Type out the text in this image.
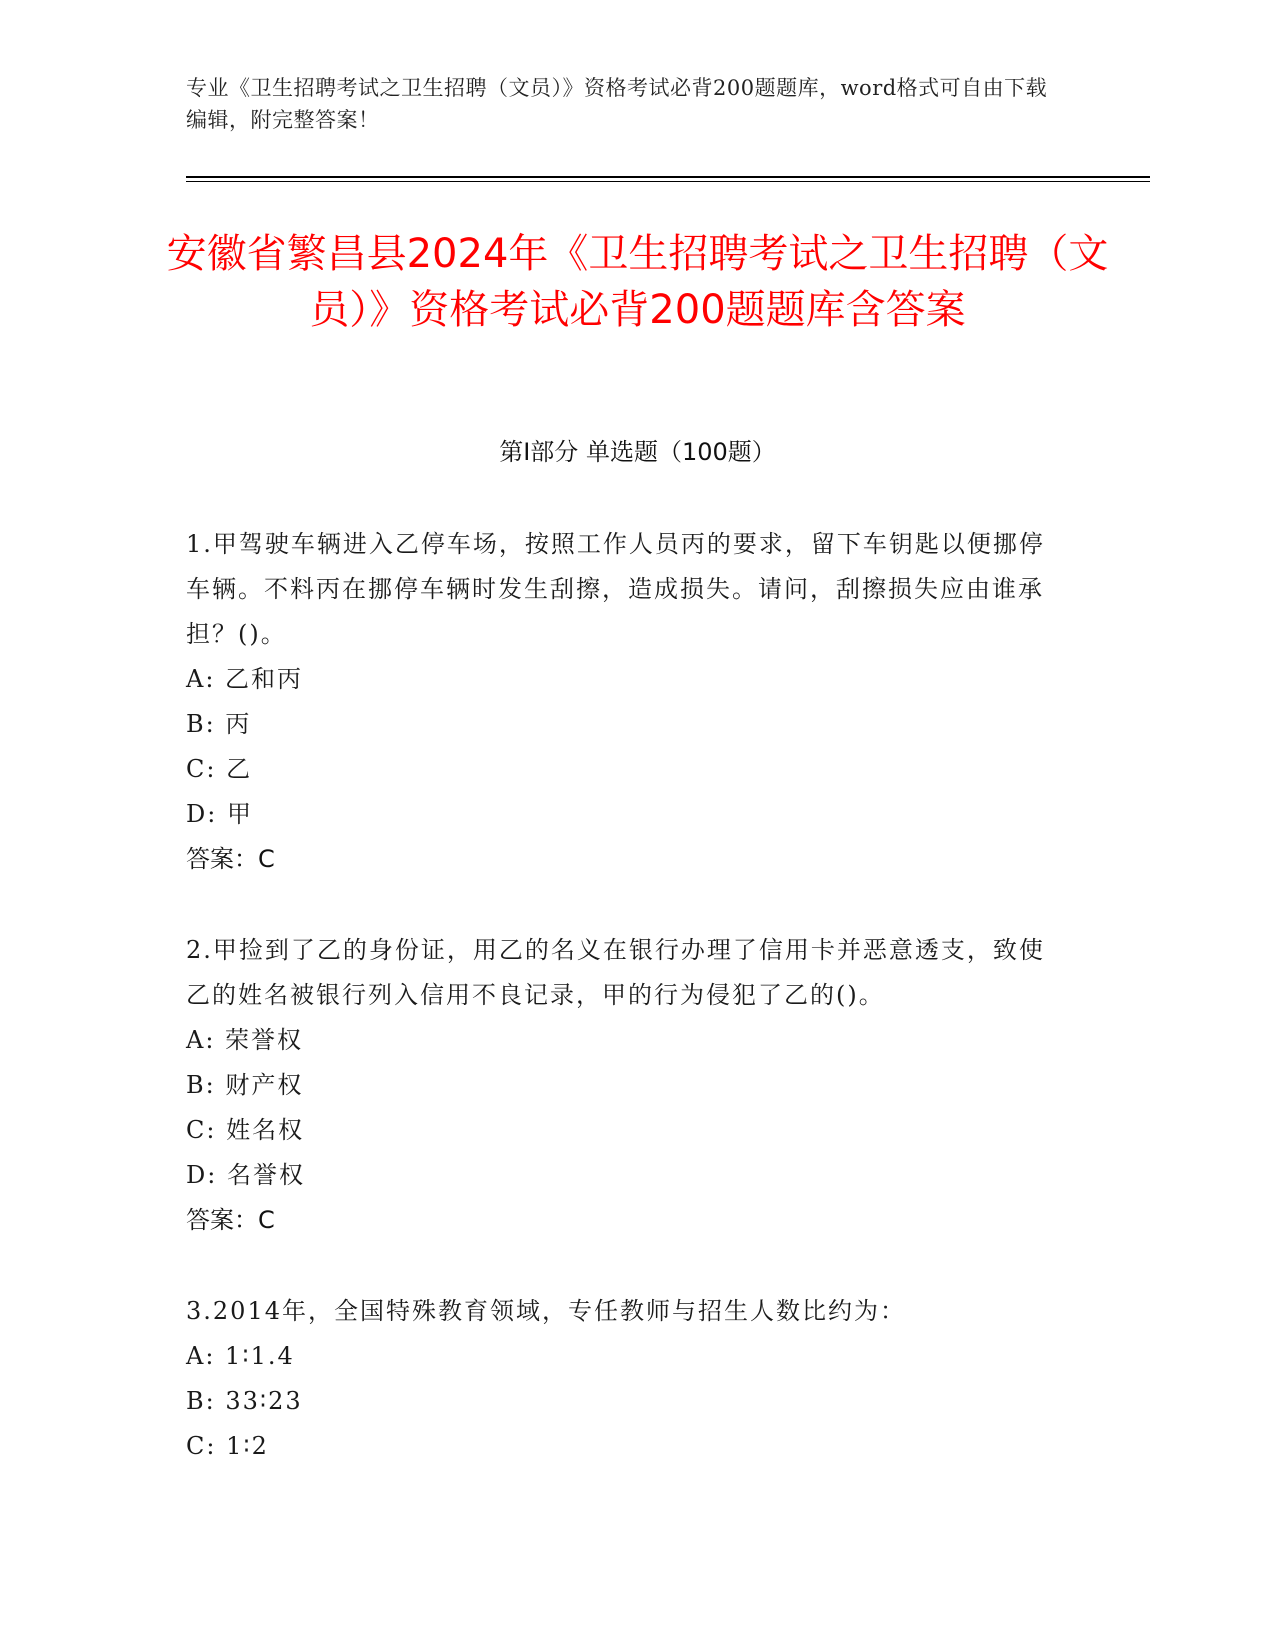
专业《卫生招聘考试之卫生招聘（文员）》资格考试必背200题题库，word格式可自由下载编辑，附完整答案！
安徽省繁昌县2024年《卫生招聘考试之卫生招聘（文员）》资格考试必背200题题库含答案
第I部分 单选题（100题）
1.甲驾驶车辆进入乙停车场，按照工作人员丙的要求，留下车钥匙以便挪停车辆。不料丙在挪停车辆时发生刮擦，造成损失。请问，刮擦损失应由谁承担？()。
A: 乙和丙
B: 丙
C: 乙
D: 甲
答案：C
2.甲捡到了乙的身份证，用乙的名义在银行办理了信用卡并恶意透支，致使乙的姓名被银行列入信用不良记录，甲的行为侵犯了乙的()。
A: 荣誉权
B: 财产权
C: 姓名权
D: 名誉权
答案：C
3.2014年，全国特殊教育领域，专任教师与招生人数比约为：
A: 1∶1.4
B: 33∶23
C: 1∶2
